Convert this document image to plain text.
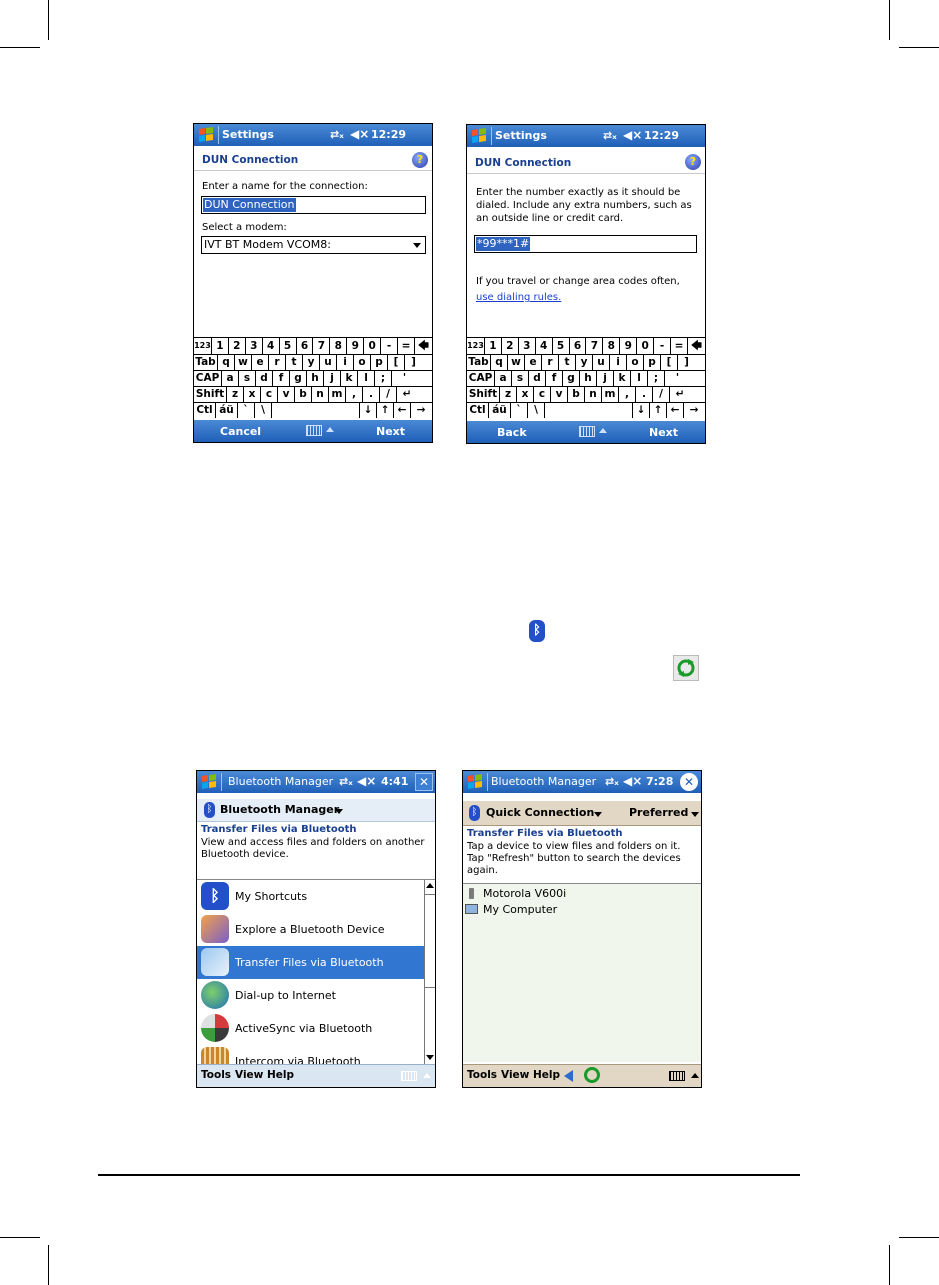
Settings	⇄ₓ ◀× 12:29
DUN Connection	?
Enter a name for the connection:
DUN Connection
Select a modem:
IVT BT Modem VCOM8:
123 1 2 3 4 5 6 7 8 9 0	- = 🡄
Tab q w e	r	t	y u	i	o p	[	]
CAP a s d	f	g h	j	k	l	;	'
Shift z	x c v b n m ,	.	/	↵
Ctl áü `	\	↓ ↑ ← →
Cancel	Next
Settings	⇄ₓ ◀× 12:29
DUN Connection	?
Enter the number exactly as it should be dialed. Include any extra numbers, such as an outside line or credit card.
*99***1#
If you travel or change area codes often,
use dialing rules.
123 1 2 3 4 5 6 7 8 9 0	- = 🡄
Tab q w e	r	t	y u	i	o p	[	]
CAP a s d	f	g h	j	k	l	;	'
Shift z	x c v b n m ,	.	/	↵
Ctl áü `	\	↓ ↑ ← →
Back	Next
ᛒ
Bluetooth Manager ⇄ₓ ◀× 4:41 ✕
ᛒ Bluetooth Manager
Transfer Files via Bluetooth
View and access files and folders on another Bluetooth device.
ᛒ	My Shortcuts
Explore a Bluetooth Device
Transfer Files via Bluetooth
Dial-up to Internet
ActiveSync via Bluetooth
Intercom via Bluetooth
Tools View Help
Bluetooth Manager ⇄ₓ ◀× 7:28 ✕
ᛒ Quick Connection	Preferred
Transfer Files via Bluetooth
Tap a device to view files and folders on it. Tap "Refresh" button to search the devices again.
Motorola V600i
My Computer
Tools View Help
